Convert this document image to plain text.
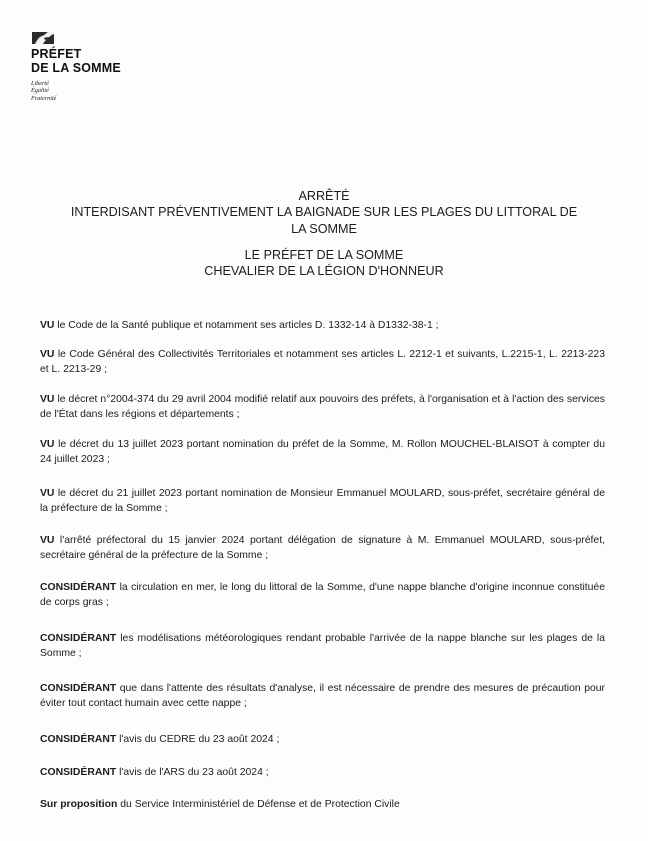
PRÉFET
DE LA SOMME
Liberté
Égalité
Fraternité
ARRÊTÉ
INTERDISANT PRÉVENTIVEMENT LA BAIGNADE SUR LES PLAGES DU LITTORAL DE
LA SOMME
LE PRÉFET DE LA SOMME
CHEVALIER DE LA LÉGION D'HONNEUR

VU le Code de la Santé publique et notamment ses articles D. 1332-14 à D1332-38-1 ;

VU le Code Général des Collectivités Territoriales et notamment ses articles L. 2212-1 et suivants, L.2215-1, L. 2213-223 et L. 2213-29 ;

VU le décret n°2004-374 du 29 avril 2004 modifié relatif aux pouvoirs des préfets, à l'organisation et à l'action des services de l'État dans les régions et départements ;

VU le décret du 13 juillet 2023 portant nomination du préfet de la Somme, M. Rollon MOUCHEL-BLAISOT à compter du 24 juillet 2023 ;

VU le décret du 21 juillet 2023 portant nomination de Monsieur Emmanuel MOULARD, sous-préfet, secrétaire général de la préfecture de la Somme ;

VU l'arrêté préfectoral du 15 janvier 2024 portant délégation de signature à M. Emmanuel MOULARD, sous-préfet, secrétaire général de la préfecture de la Somme ;

CONSIDÉRANT la circulation en mer, le long du littoral de la Somme, d'une nappe blanche d'origine inconnue constituée de corps gras ;

CONSIDÉRANT les modélisations météorologiques rendant probable l'arrivée de la nappe blanche sur les plages de la Somme ;

CONSIDÉRANT que dans l'attente des résultats d'analyse, il est nécessaire de prendre des mesures de précaution pour éviter tout contact humain avec cette nappe ;

CONSIDÉRANT l'avis du CEDRE du 23 août 2024 ;

CONSIDÉRANT l'avis de l'ARS du 23 août 2024 ;

Sur proposition du Service Interministériel de Défense et de Protection Civile
